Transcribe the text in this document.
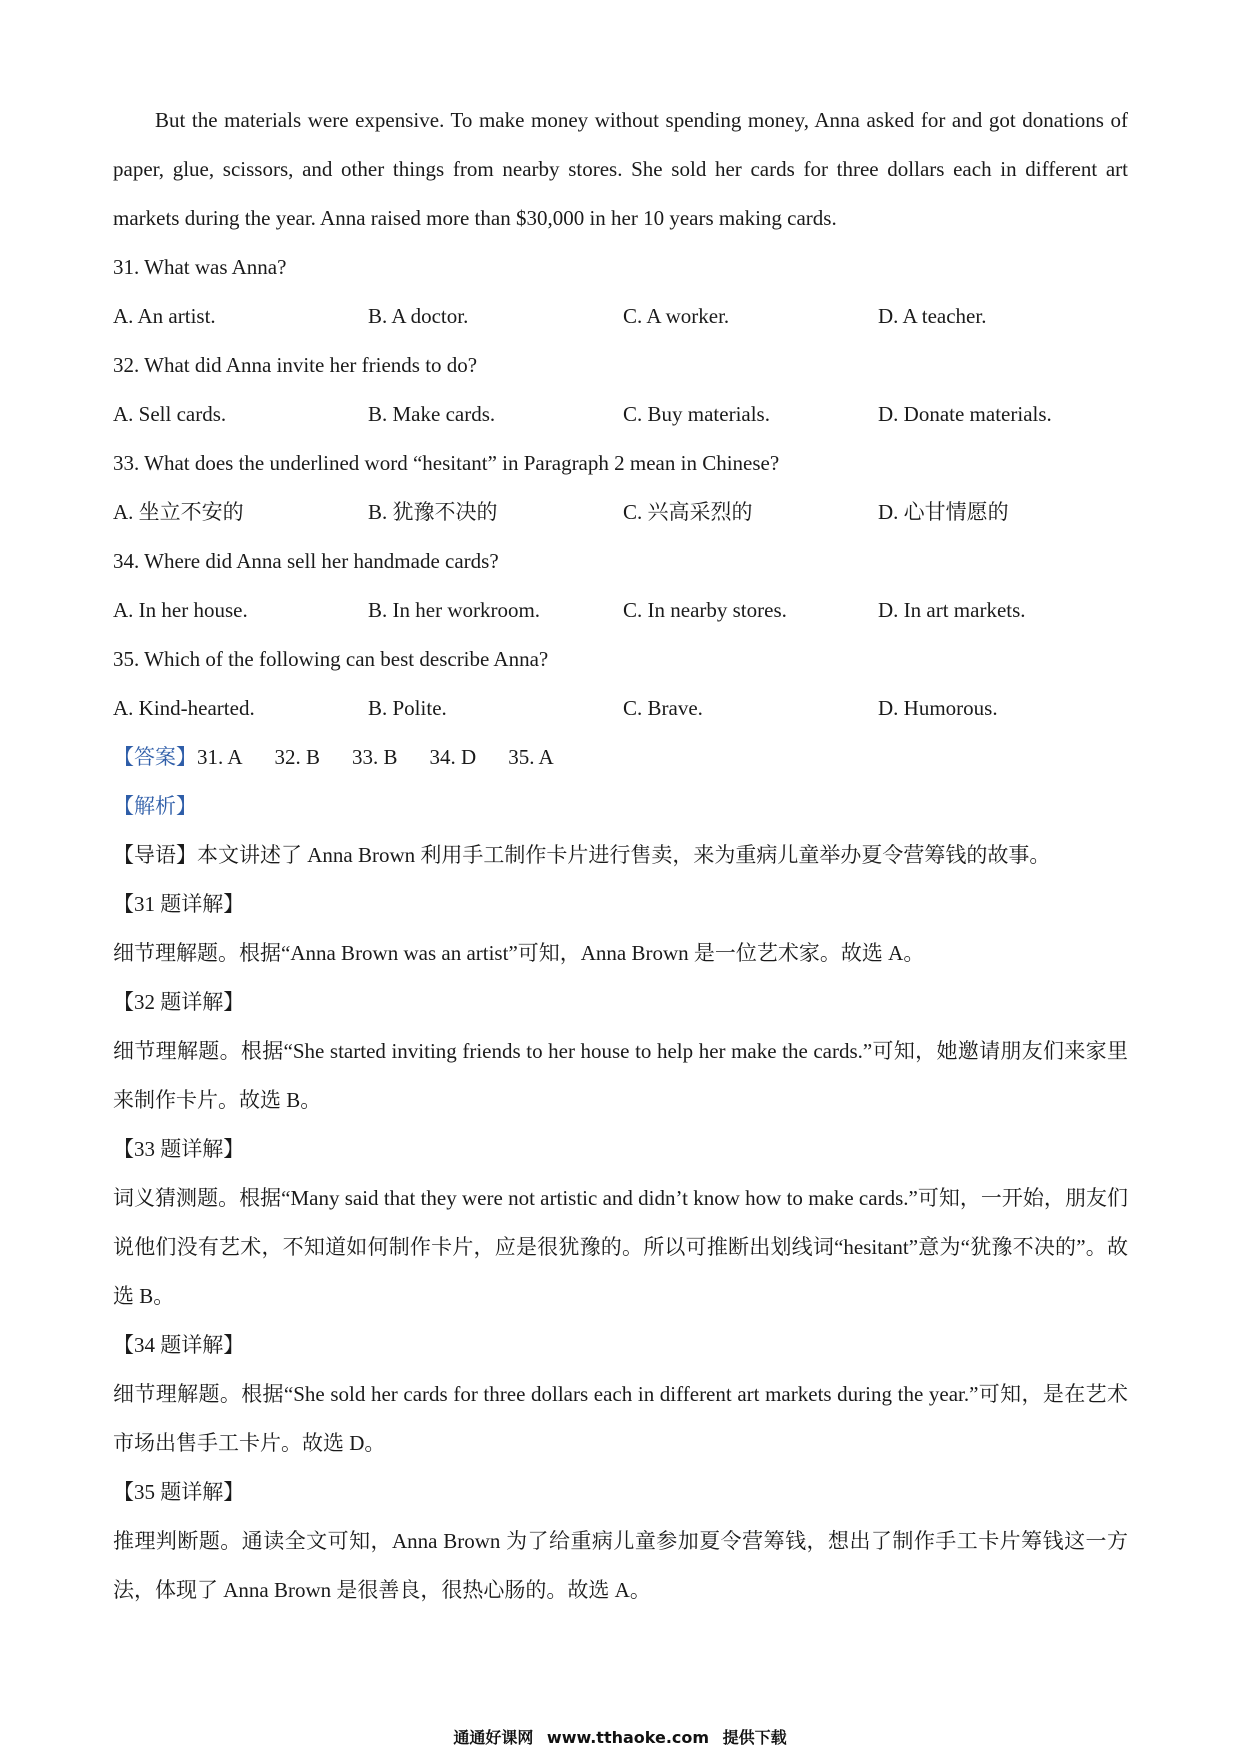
But the materials were expensive. To make money without spending money, Anna asked for and got donations of paper, glue, scissors, and other things from nearby stores. She sold her cards for three dollars each in different art markets during the year. Anna raised more than $30,000 in her 10 years making cards.

31. What was Anna?

A. An artist.	B. A doctor.	C. A worker.	D. A teacher.

32. What did Anna invite her friends to do?

A. Sell cards.	B. Make cards.	C. Buy materials.	D. Donate materials.

33. What does the underlined word “hesitant” in Paragraph 2 mean in Chinese?

A. 坐立不安的	B. 犹豫不决的	C. 兴高采烈的	D. 心甘情愿的

34. Where did Anna sell her handmade cards?

A. In her house.	B. In her workroom.	C. In nearby stores.	D. In art markets.

35. Which of the following can best describe Anna?

A. Kind-hearted.	B. Polite.	C. Brave.	D. Humorous.
【答案】31. A 32. B 33. B 34. D 35. A

【解析】

【导语】本文讲述了 Anna Brown 利用手工制作卡片进行售卖，来为重病儿童举办夏令营筹钱的故事。

【31 题详解】

细节理解题。根据“Anna Brown was an artist”可知，Anna Brown 是一位艺术家。故选 A。

【32 题详解】

细节理解题。根据“She started inviting friends to her house to help her make the cards.”可知，她邀请朋友们来家里来制作卡片。故选 B。

【33 题详解】

词义猜测题。根据“Many said that they were not artistic and didn’t know how to make cards.”可知，一开始，朋友们说他们没有艺术，不知道如何制作卡片，应是很犹豫的。所以可推断出划线词“hesitant”意为“犹豫不决的”。故选 B。

【34 题详解】

细节理解题。根据“She sold her cards for three dollars each in different art markets during the year.”可知，是在艺术市场出售手工卡片。故选 D。

【35 题详解】

推理判断题。通读全文可知，Anna Brown 为了给重病儿童参加夏令营筹钱，想出了制作手工卡片筹钱这一方法，体现了 Anna Brown 是很善良，很热心肠的。故选 A。

通通好课网 www.tthaoke.com 提供下载
